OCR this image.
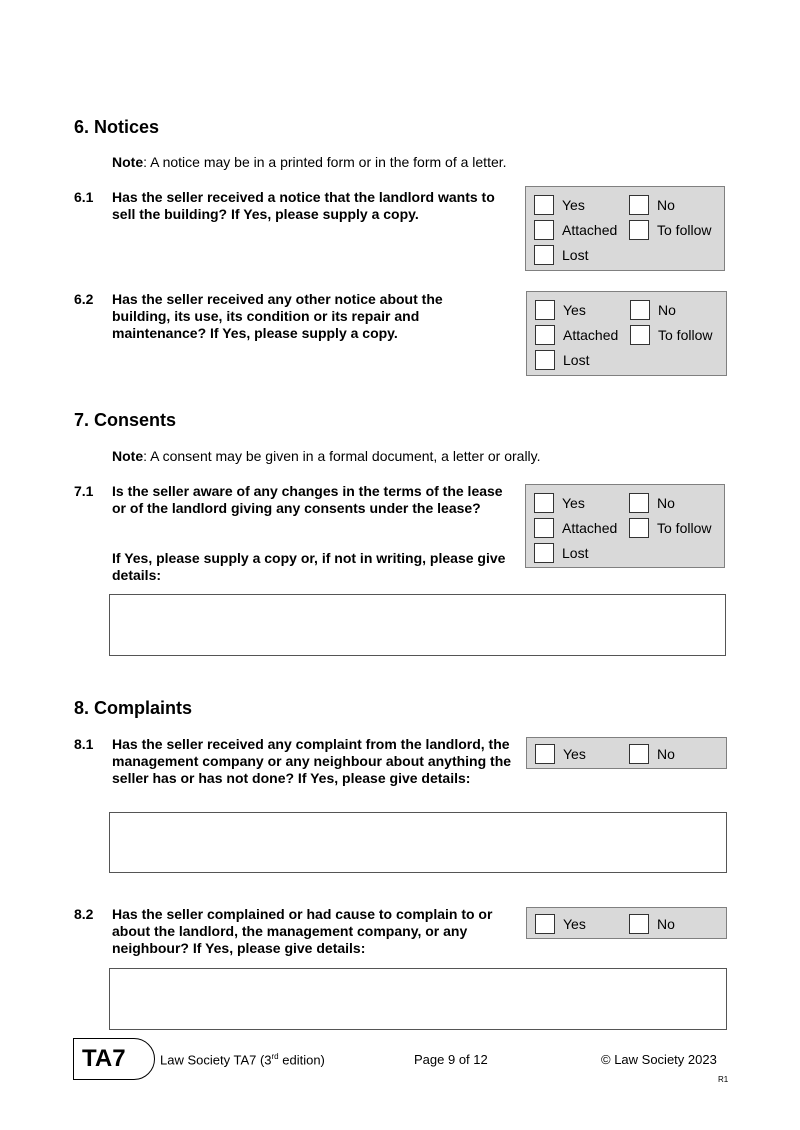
6. Notices
Note: A notice may be in a printed form or in the form of a letter.
6.1 Has the seller received a notice that the landlord wants to sell the building? If Yes, please supply a copy.
Yes	No
Attached	To follow
Lost
6.2 Has the seller received any other notice about the building, its use, its condition or its repair and maintenance? If Yes, please supply a copy.
Yes	No
Attached	To follow
Lost
7. Consents
Note: A consent may be given in a formal document, a letter or orally.
7.1 Is the seller aware of any changes in the terms of the lease or of the landlord giving any consents under the lease?
If Yes, please supply a copy or, if not in writing, please give details:
Yes	No
Attached	To follow
Lost
8. Complaints
8.1 Has the seller received any complaint from the landlord, the management company or any neighbour about anything the seller has or has not done? If Yes, please give details:
Yes	No
8.2 Has the seller complained or had cause to complain to or about the landlord, the management company, or any neighbour? If Yes, please give details:
Yes	No
TA7	Law Society TA7 (3rd edition)	Page 9 of 12	© Law Society 2023
R1
